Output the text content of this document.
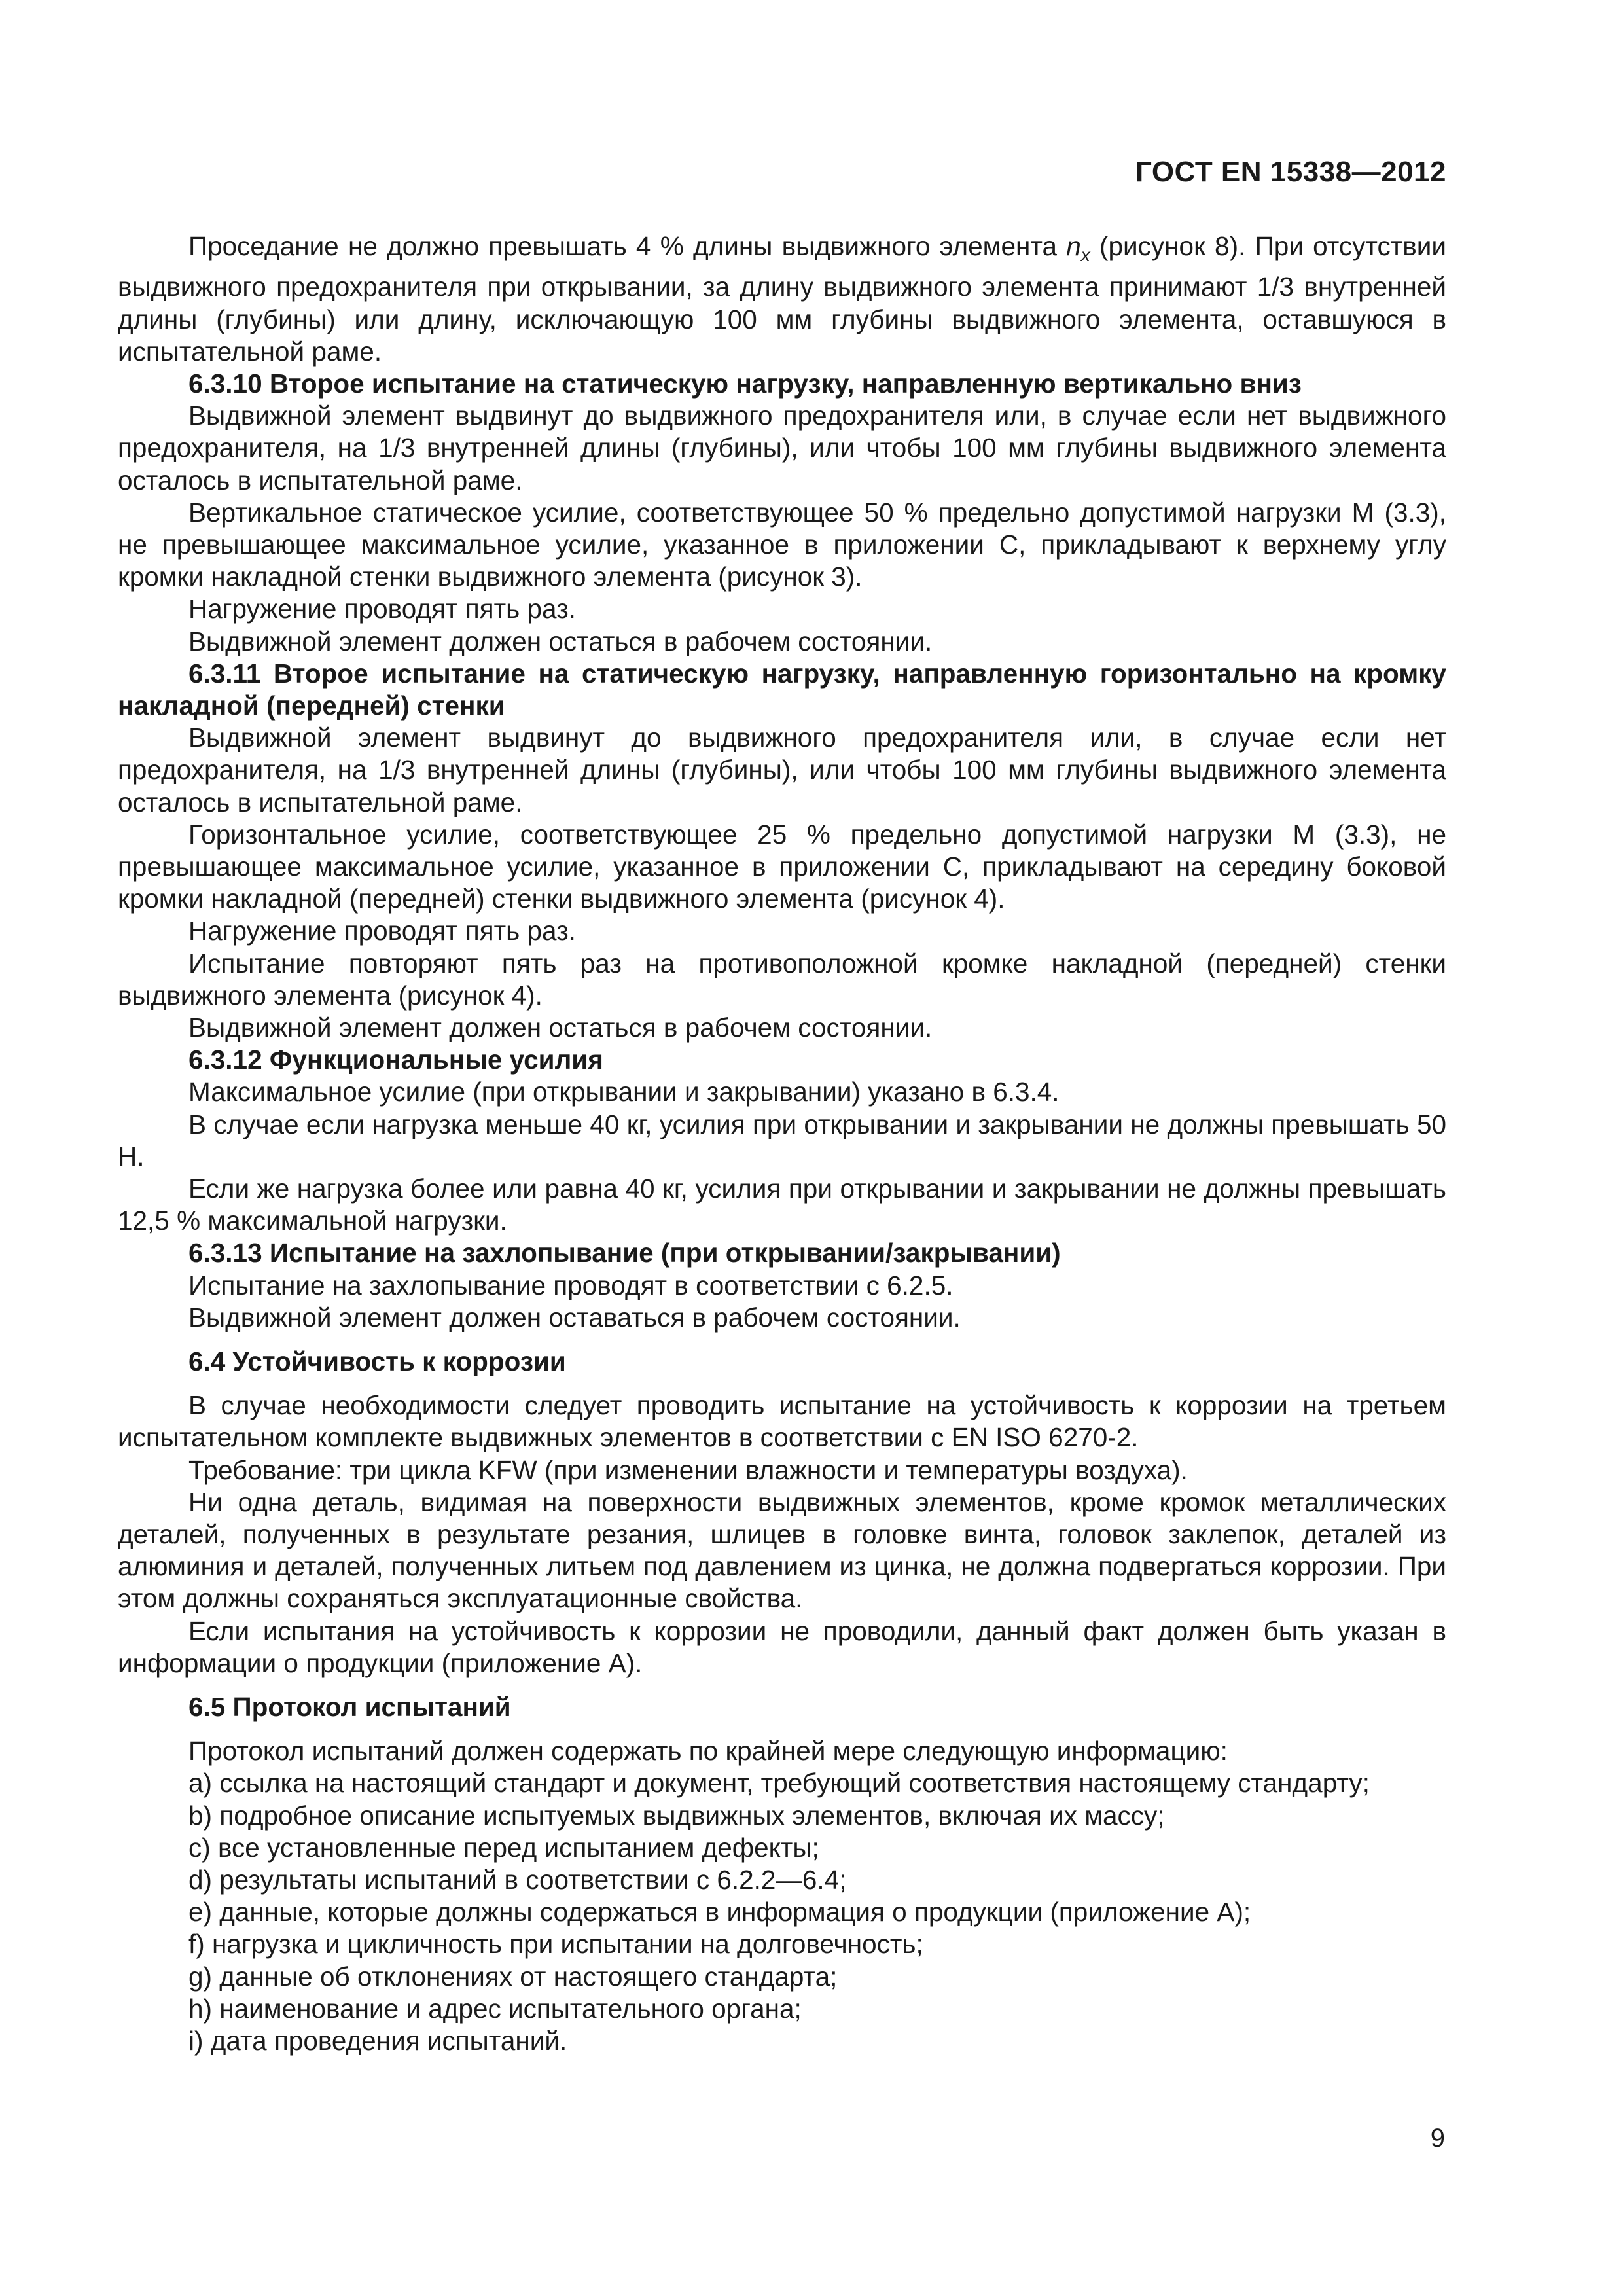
ГОСТ EN 15338—2012

Проседание не должно превышать 4 % длины выдвижного элемента $n_x$ (рисунок 8). При отсутствии выдвижного предохранителя при открывании, за длину выдвижного элемента принимают 1/3 внутренней длины (глубины) или длину, исключающую 100 мм глубины выдвижного элемента, оставшуюся в испытательной раме.

6.3.10 Второе испытание на статическую нагрузку, направленную вертикально вниз

Выдвижной элемент выдвинут до выдвижного предохранителя или, в случае если нет выдвижного предохранителя, на 1/3 внутренней длины (глубины), или чтобы 100 мм глубины выдвижного элемента осталось в испытательной раме.

Вертикальное статическое усилие, соответствующее 50 % предельно допустимой нагрузки М (3.3), не превышающее максимальное усилие, указанное в приложении С, прикладывают к верхнему углу кромки накладной стенки выдвижного элемента (рисунок 3).

Нагружение проводят пять раз.

Выдвижной элемент должен остаться в рабочем состоянии.

6.3.11 Второе испытание на статическую нагрузку, направленную горизонтально на кромку накладной (передней) стенки

Выдвижной элемент выдвинут до выдвижного предохранителя или, в случае если нет предохранителя, на 1/3 внутренней длины (глубины), или чтобы 100 мм глубины выдвижного элемента осталось в испытательной раме.

Горизонтальное усилие, соответствующее 25 % предельно допустимой нагрузки М (3.3), не превышающее максимальное усилие, указанное в приложении С, прикладывают на середину боковой кромки накладной (передней) стенки выдвижного элемента (рисунок 4).

Нагружение проводят пять раз.

Испытание повторяют пять раз на противоположной кромке накладной (передней) стенки выдвижного элемента (рисунок 4).

Выдвижной элемент должен остаться в рабочем состоянии.

6.3.12 Функциональные усилия

Максимальное усилие (при открывании и закрывании) указано в 6.3.4.

В случае если нагрузка меньше 40 кг, усилия при открывании и закрывании не должны превышать 50 Н.

Если же нагрузка более или равна 40 кг, усилия при открывании и закрывании не должны превышать 12,5 % максимальной нагрузки.

6.3.13 Испытание на захлопывание (при открывании/закрывании)

Испытание на захлопывание проводят в соответствии с 6.2.5.

Выдвижной элемент должен оставаться в рабочем состоянии.

6.4 Устойчивость к коррозии

В случае необходимости следует проводить испытание на устойчивость к коррозии на третьем испытательном комплекте выдвижных элементов в соответствии с EN ISO 6270-2.

Требование: три цикла KFW (при изменении влажности и температуры воздуха).

Ни одна деталь, видимая на поверхности выдвижных элементов, кроме кромок металлических деталей, полученных в результате резания, шлицев в головке винта, головок заклепок, деталей из алюминия и деталей, полученных литьем под давлением из цинка, не должна подвергаться коррозии. При этом должны сохраняться эксплуатационные свойства.

Если испытания на устойчивость к коррозии не проводили, данный факт должен быть указан в информации о продукции (приложение А).

6.5 Протокол испытаний

Протокол испытаний должен содержать по крайней мере следующую информацию:

a) ссылка на настоящий стандарт и документ, требующий соответствия настоящему стандарту;

b) подробное описание испытуемых выдвижных элементов, включая их массу;

c) все установленные перед испытанием дефекты;

d) результаты испытаний в соответствии с 6.2.2—6.4;

e) данные, которые должны содержаться в информация о продукции (приложение А);

f) нагрузка и цикличность при испытании на долговечность;

g) данные об отклонениях от настоящего стандарта;

h) наименование и адрес испытательного органа;

i) дата проведения испытаний.

9
